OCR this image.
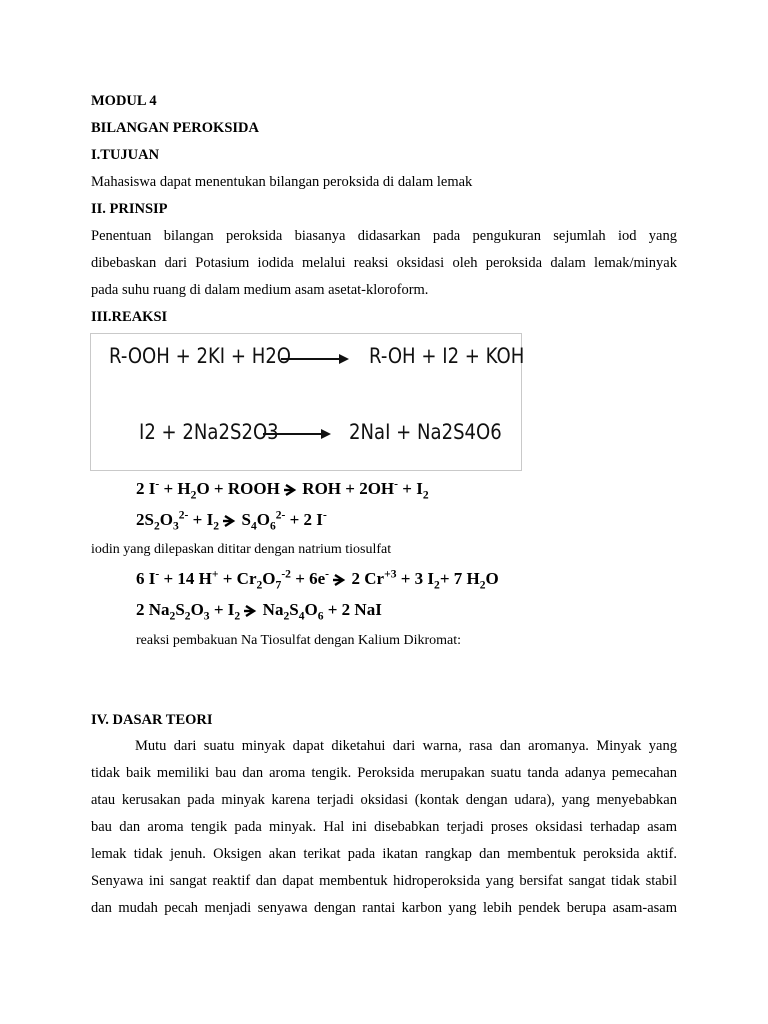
MODUL 4
BILANGAN PEROKSIDA
I.TUJUAN
Mahasiswa dapat menentukan bilangan peroksida di dalam lemak
II. PRINSIP
Penentuan bilangan peroksida biasanya didasarkan pada pengukuran sejumlah iod yang
dibebaskan dari Potasium iodida melalui reaksi oksidasi oleh peroksida dalam lemak/minyak
pada suhu ruang di dalam medium asam asetat-kloroform.
III.REAKSI
R-OOH + 2KI + H2O	R-OH + I2 + KOH
I2 + 2Na2S2O3	2NaI + Na2S4O6
2 $I^- + H_2O$ + ROOH  ROH + $2OH^- + I_2$
$2S_2O_3^{2-} + I_2$  $S_4O_6^{2-} + 2$ I-
iodin yang dilepaskan dititar dengan natrium tiosulfat
6 I- + 14 $H^+ + Cr_2O_7^{-2} + 6e^-$  2 $Cr^{+3} + 3$ $I_2+ 7$ $H_2O$
2 $Na_2S_2O_3 + I_2$  $Na_2S_4O_6 + 2$ NaI
reaksi pembakuan Na Tiosulfat dengan Kalium Dikromat:
IV. DASAR TEORI
Mutu dari suatu minyak dapat diketahui dari warna, rasa dan aromanya. Minyak yang
tidak baik memiliki bau dan aroma tengik. Peroksida merupakan suatu tanda adanya pemecahan
atau kerusakan pada minyak karena terjadi oksidasi (kontak dengan udara), yang menyebabkan
bau dan aroma tengik pada minyak. Hal ini disebabkan terjadi proses oksidasi terhadap asam
lemak tidak jenuh. Oksigen akan terikat pada ikatan rangkap dan membentuk peroksida aktif.
Senyawa ini sangat reaktif dan dapat membentuk hidroperoksida yang bersifat sangat tidak stabil
dan mudah pecah menjadi senyawa dengan rantai karbon yang lebih pendek berupa asam-asam
